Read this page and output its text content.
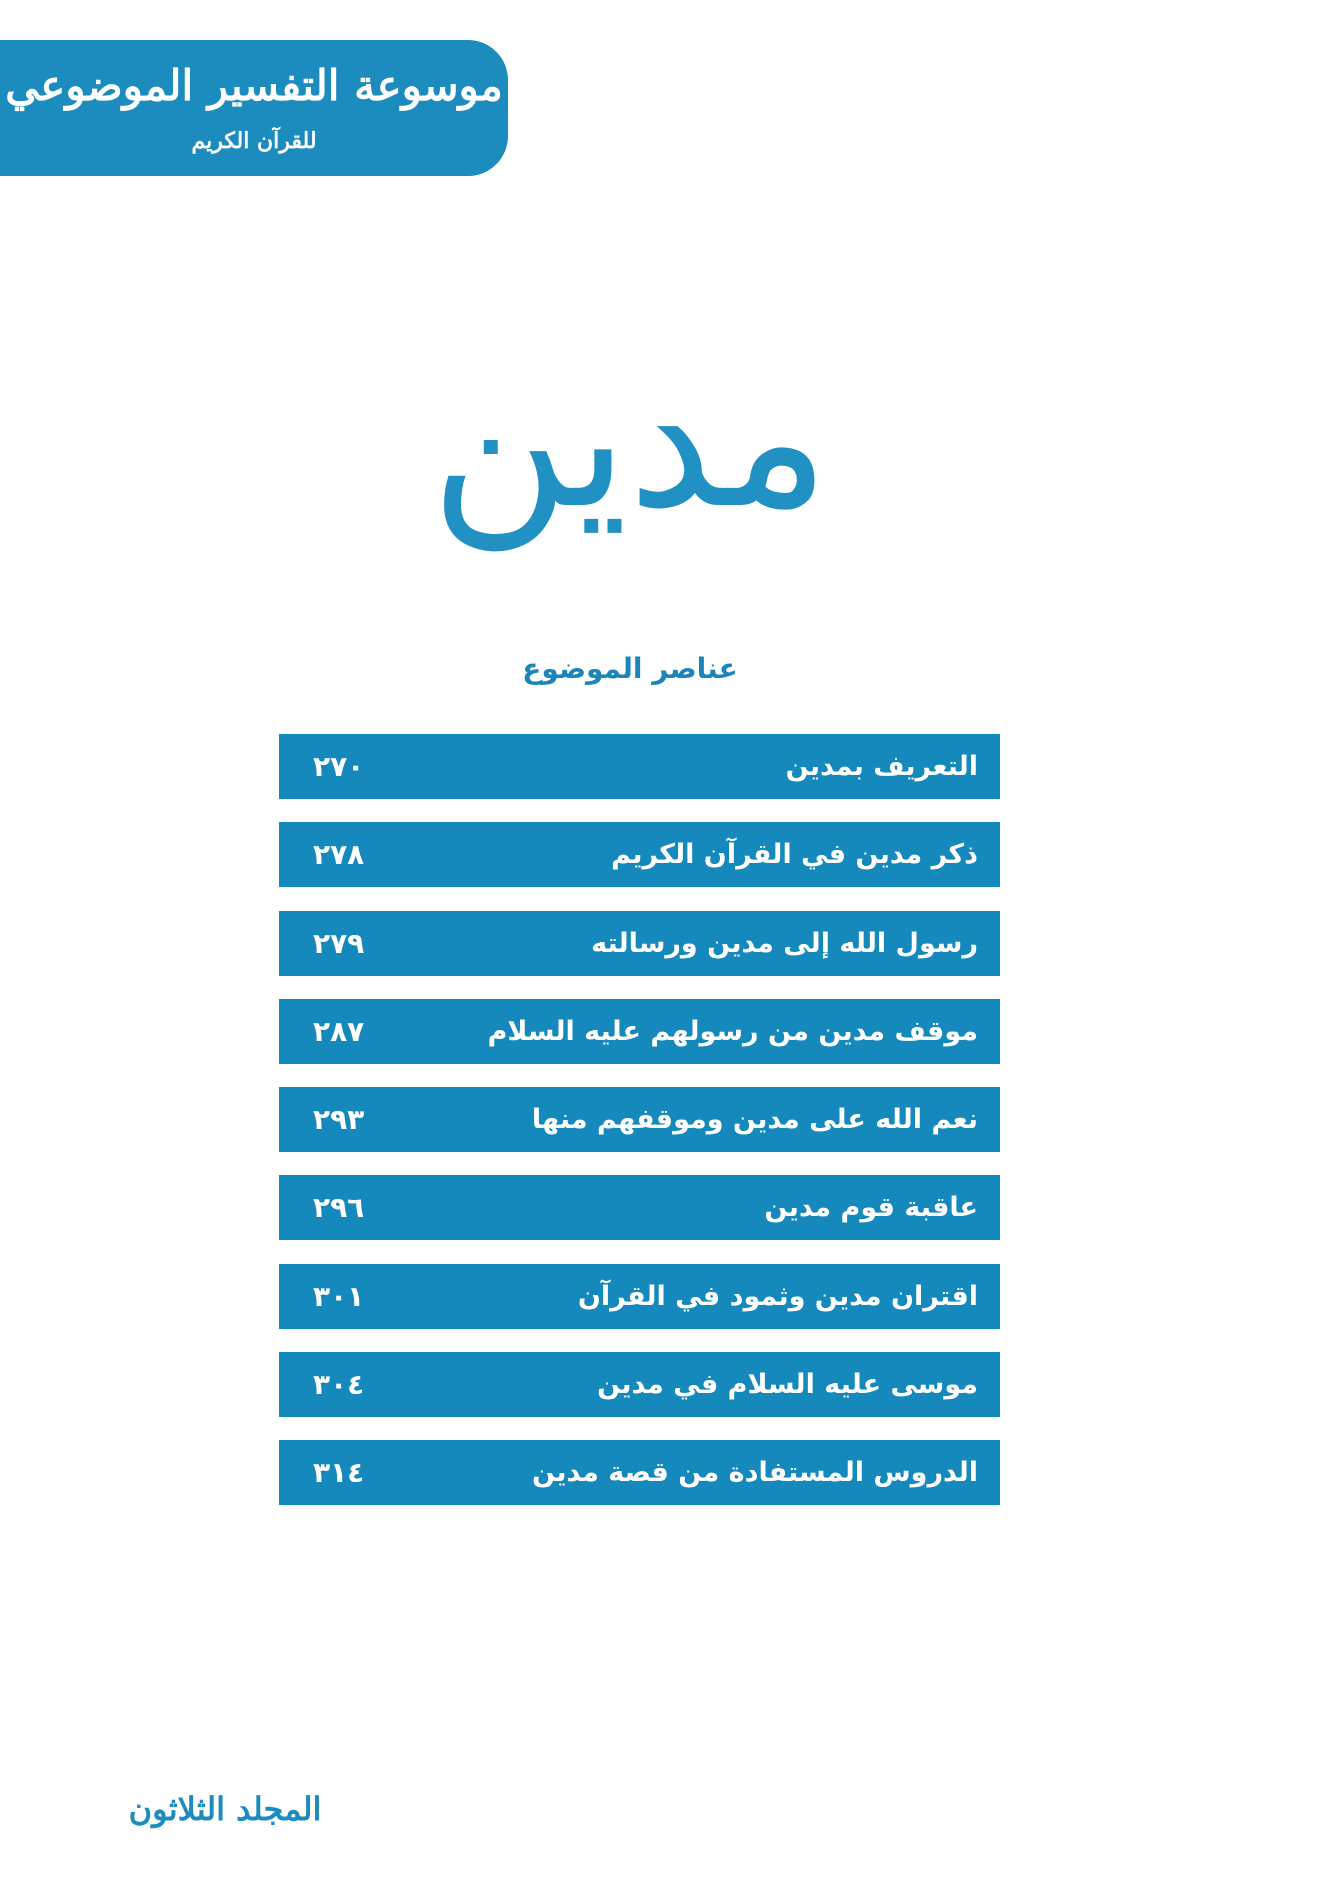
موسوعة التفسير الموضوعي
للقرآن الكريم
مدين
عناصر الموضوع
التعريف بمدين
٢٧٠
ذكر مدين في القرآن الكريم
٢٧٨
رسول الله إلى مدين ورسالته
٢٧٩
موقف مدين من رسولهم عليه السلام
٢٨٧
نعم الله على مدين وموقفهم منها
٢٩٣
عاقبة قوم مدين
٢٩٦
اقتران مدين وثمود في القرآن
٣٠١
موسى عليه السلام في مدين
٣٠٤
الدروس المستفادة من قصة مدين
٣١٤
المجلد الثلاثون
